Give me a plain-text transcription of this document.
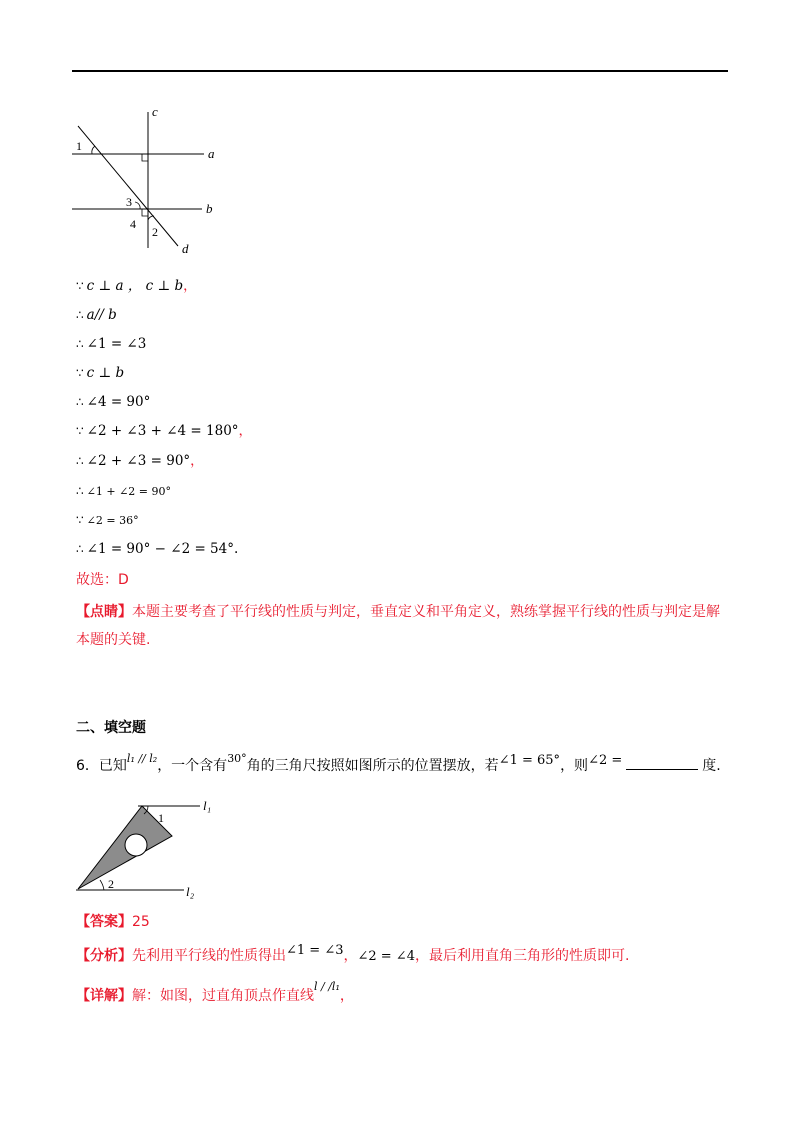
c
a
b
d
1
3
4
2
∵ c ⊥ a ， c ⊥ b，
∴ a// b
∴ ∠1 = ∠3
∵ c ⊥ b
∴ ∠4 = 90°
∵ ∠2 + ∠3 + ∠4 = 180°，
∴ ∠2 + ∠3 = 90°，
∴ ∠1 + ∠2 = 90°
∵ ∠2 = 36°
∴ ∠1 = 90° − ∠2 = 54°.
故选：D
【点睛】本题主要考查了平行线的性质与判定，垂直定义和平角定义，熟练掌握平行线的性质与判定是解本题的关键.
二、填空题
6．已知$^{l_1 // l_2}$，一个含有$^{30^\circ}$角的三角尺按照如图所示的位置摆放，若∠1 = 65°，则∠2 =	度.
l₁
l₂
1
2
【答案】25
【分析】先利用平行线的性质得出∠1 = ∠3，∠2 = ∠4，最后利用直角三角形的性质即可.
【详解】解：如图，过直角顶点作直线$^{l / /l_1}$，
